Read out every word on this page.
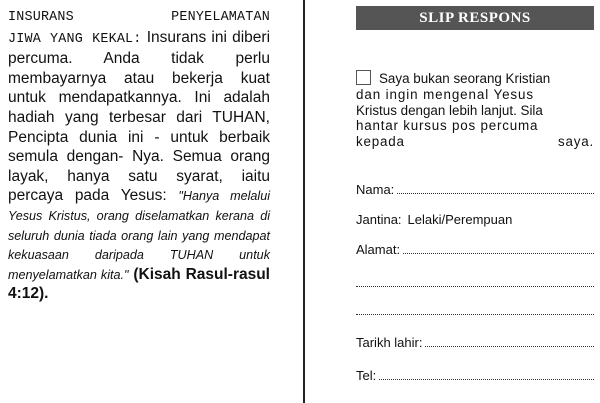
INSURANS	PENYELAMATAN
JIWA YANG KEKAL: Insurans ini diberi percuma. Anda tidak perlu membayarnya atau bekerja kuat untuk mendapatkannya. Ini adalah hadiah yang terbesar dari TUHAN, Pencipta dunia ini - untuk berbaik semula dengan- Nya. Semua orang layak, hanya satu syarat, iaitu percaya pada Yesus: "Hanya melalui Yesus Kristus, orang diselamatkan kerana di seluruh dunia tiada orang lain yang mendapat kekuasaan daripada TUHAN untuk menyelamatkan kita." (Kisah Rasul-rasul 4:12).
SLIP RESPONS
Saya bukan seorang Kristian
dan ingin mengenal Yesus
Kristus dengan lebih lanjut. Sila
hantar kursus pos percuma
kepada	saya.
Nama:
Jantina: Lelaki/Perempuan
Alamat:
Tarikh lahir:
Tel:
